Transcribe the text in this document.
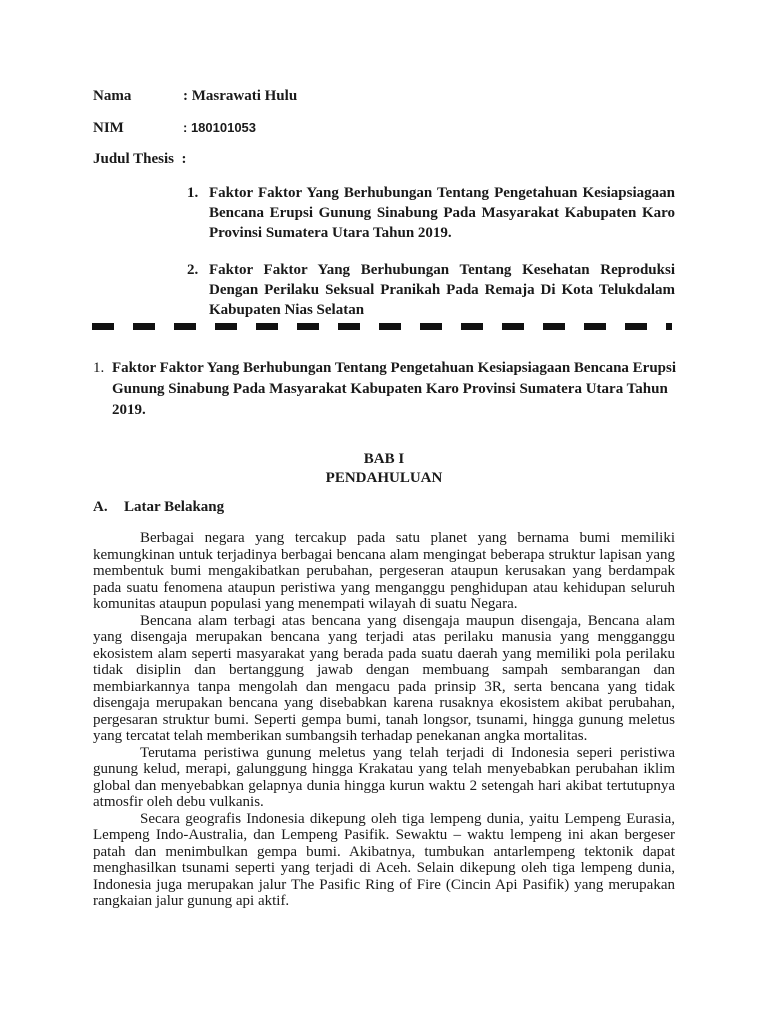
Nama	: Masrawati Hulu
NIM	: 180101053
Judul Thesis  :
1. Faktor Faktor Yang Berhubungan Tentang Pengetahuan Kesiapsiagaan Bencana Erupsi Gunung Sinabung Pada Masyarakat Kabupaten Karo Provinsi Sumatera Utara Tahun 2019.
2. Faktor Faktor Yang Berhubungan Tentang Kesehatan Reproduksi Dengan Perilaku Seksual Pranikah Pada Remaja Di Kota Telukdalam Kabupaten Nias Selatan
1. Faktor Faktor Yang Berhubungan Tentang Pengetahuan Kesiapsiagaan Bencana Erupsi Gunung Sinabung Pada Masyarakat Kabupaten Karo Provinsi Sumatera Utara Tahun 2019.
BAB I
PENDAHULUAN
A. Latar Belakang

Berbagai negara yang tercakup pada satu planet yang bernama bumi memiliki kemungkinan untuk terjadinya berbagai bencana alam mengingat beberapa struktur lapisan yang membentuk bumi mengakibatkan perubahan, pergeseran ataupun kerusakan yang berdampak pada suatu fenomena ataupun peristiwa yang menganggu penghidupan atau kehidupan seluruh komunitas ataupun populasi yang menempati wilayah di suatu Negara.

Bencana alam terbagi atas bencana yang disengaja maupun disengaja, Bencana alam yang disengaja merupakan bencana yang terjadi atas perilaku manusia yang mengganggu ekosistem alam seperti masyarakat yang berada pada suatu daerah yang memiliki pola perilaku tidak disiplin dan bertanggung jawab dengan membuang sampah sembarangan dan membiarkannya tanpa mengolah dan mengacu pada prinsip 3R, serta bencana yang tidak disengaja merupakan bencana yang disebabkan karena rusaknya ekosistem akibat perubahan, pergesaran struktur bumi. Seperti gempa bumi, tanah longsor, tsunami, hingga gunung meletus yang tercatat telah memberikan sumbangsih terhadap penekanan angka mortalitas.

Terutama peristiwa gunung meletus yang telah terjadi di Indonesia seperi peristiwa gunung kelud, merapi, galunggung hingga Krakatau yang telah menyebabkan perubahan iklim global dan menyebabkan gelapnya dunia hingga kurun waktu 2 setengah hari akibat tertutupnya atmosfir oleh debu vulkanis.

Secara geografis Indonesia dikepung oleh tiga lempeng dunia, yaitu Lempeng Eurasia, Lempeng Indo-Australia, dan Lempeng Pasifik. Sewaktu – waktu lempeng ini akan bergeser patah dan menimbulkan gempa bumi. Akibatnya, tumbukan antarlempeng tektonik dapat menghasilkan tsunami seperti yang terjadi di Aceh. Selain dikepung oleh tiga lempeng dunia, Indonesia juga merupakan jalur The Pasific Ring of Fire (Cincin Api Pasifik) yang merupakan rangkaian jalur gunung api aktif.
